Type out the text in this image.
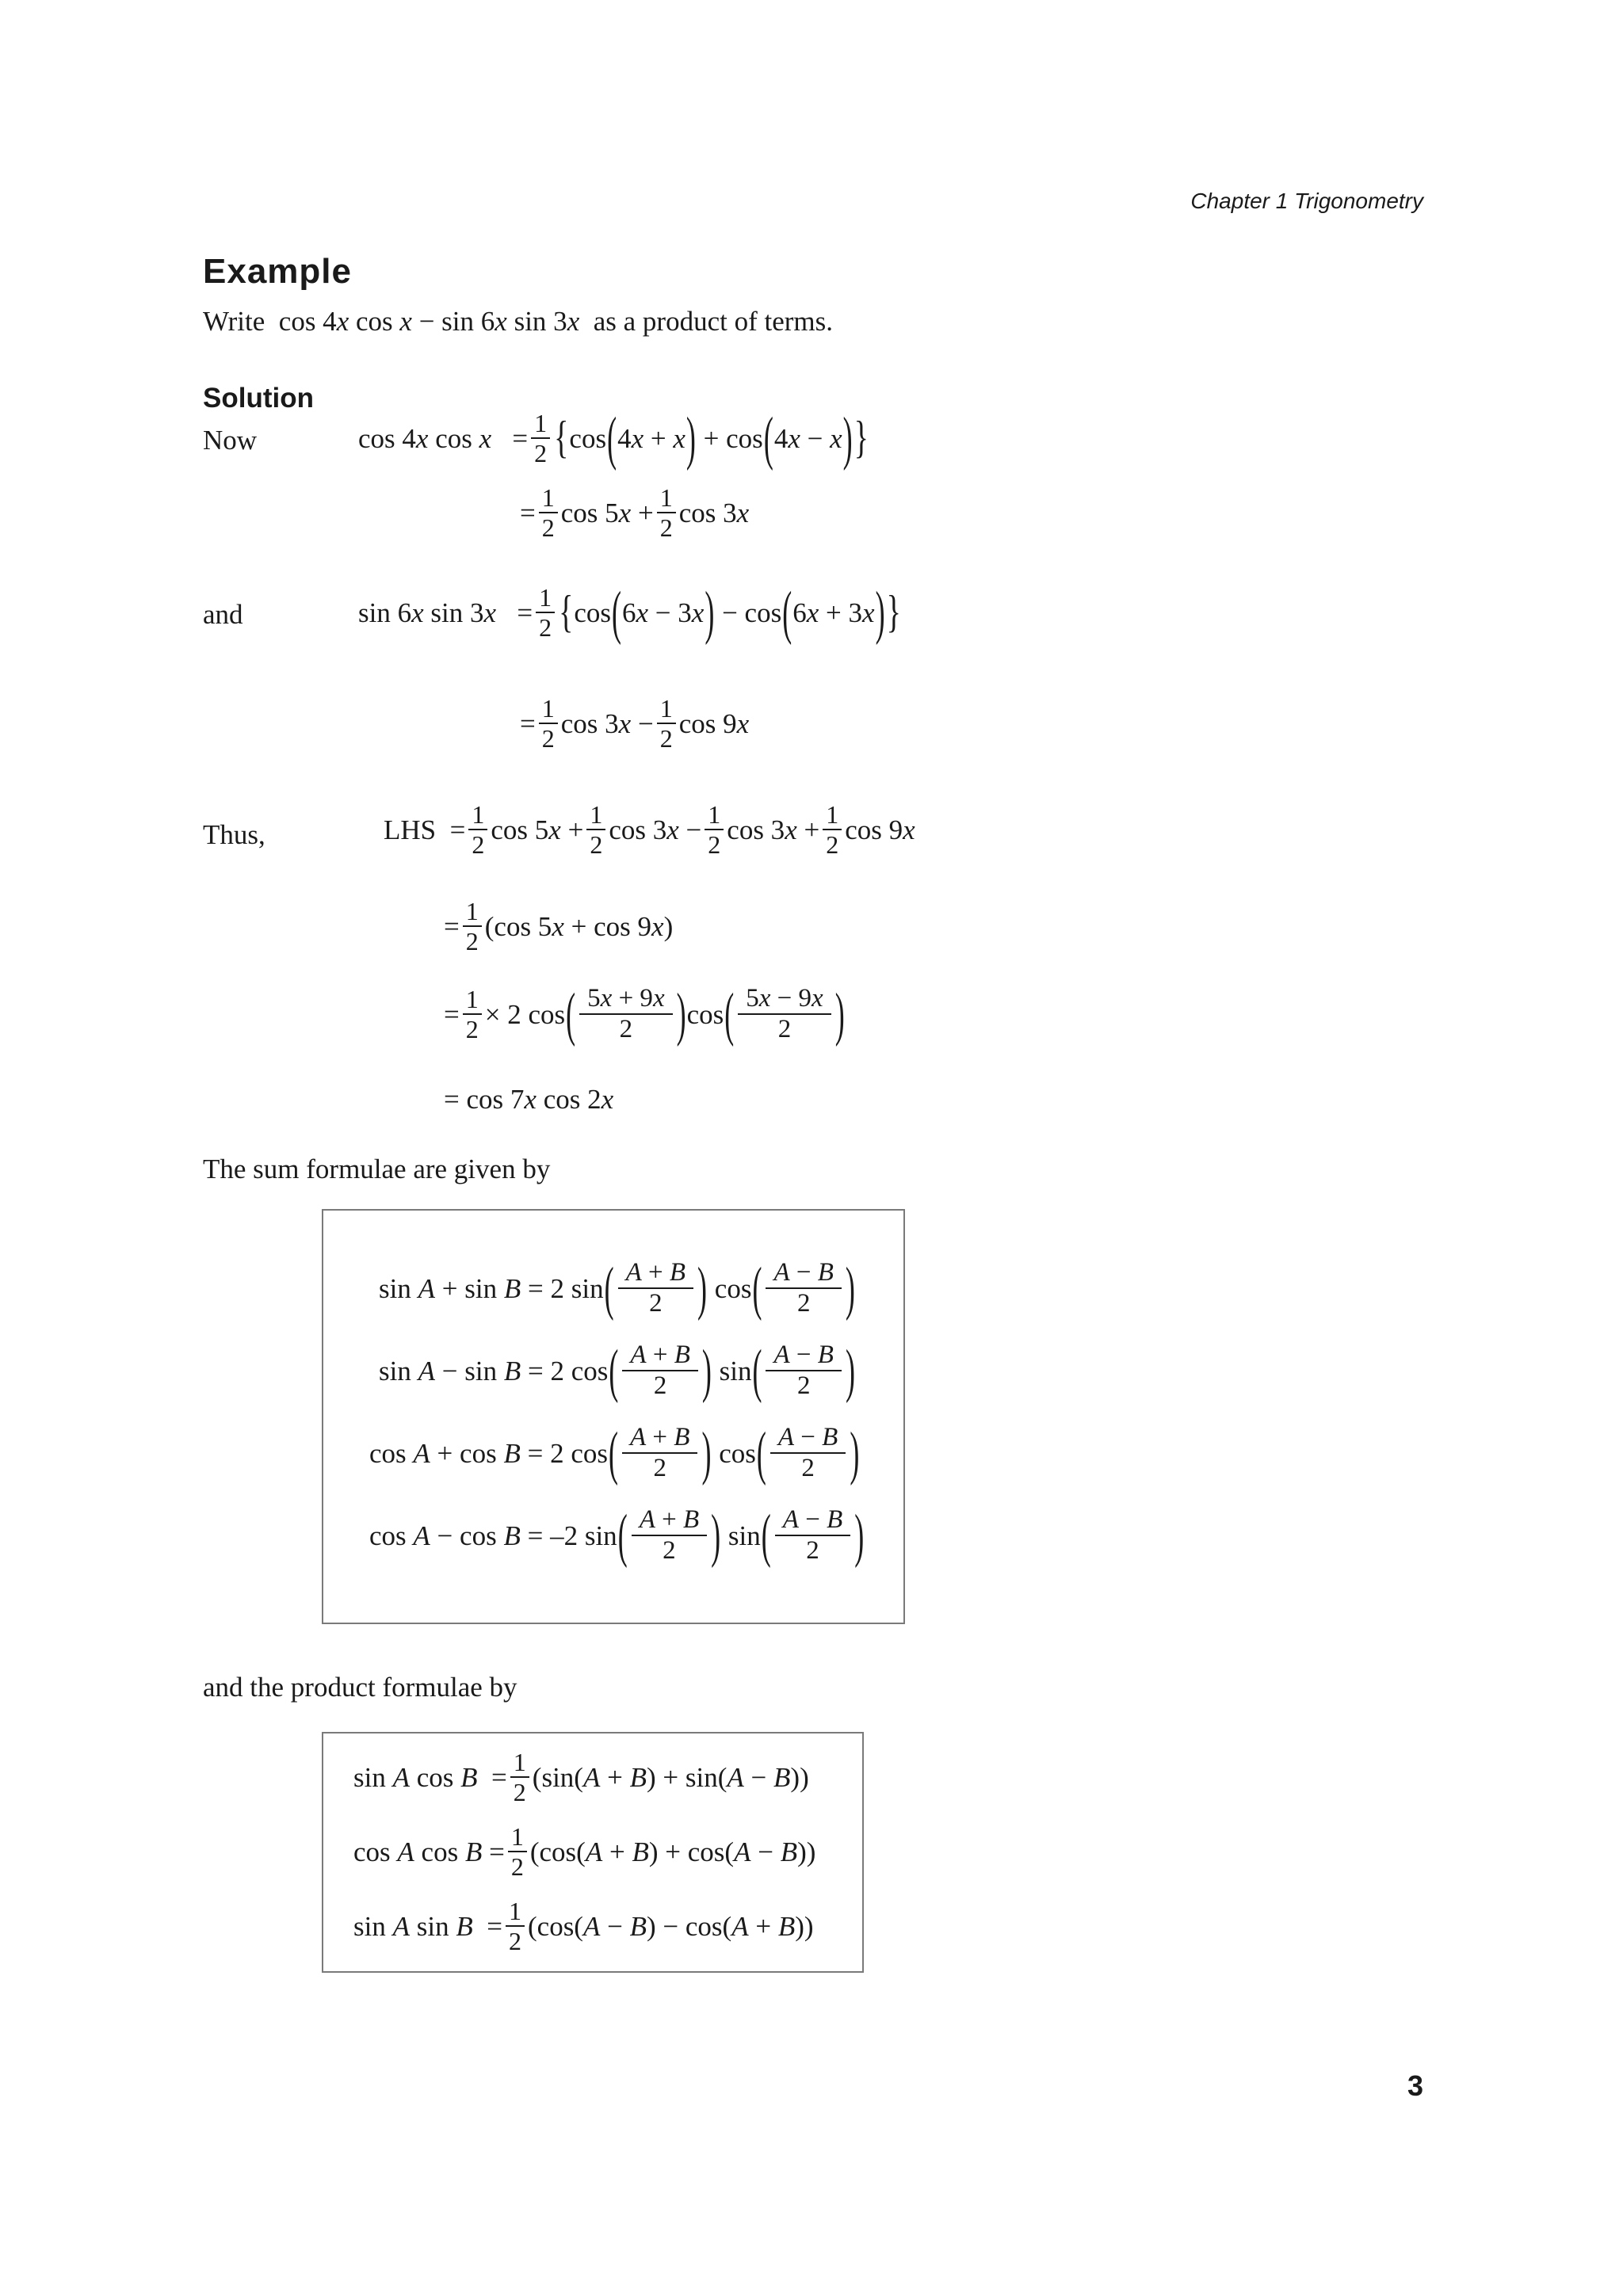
Chapter 1 Trigonometry
Example
Write  cos 4x cos x − sin 6x sin 3x as a product of terms.
Solution
Now	cos 4x $\cos x = \frac{1}{2}$ { cos ( 4x + x ) + cos ( 4x − x ) }
= $\frac{1}{2}$ $\cos 5x + \frac{1}{2}$ cos 3x
and	sin 6x $\sin 3x = \frac{1}{2}$ { cos ( 6x − 3x ) − cos ( 6x + 3x ) }
= $\frac{1}{2}$ $\cos 3x - \frac{1}{2}$ cos 9x
Thus,	LHS = $\frac{1}{2}$ $\cos 5x + \frac{1}{2}$ $\cos 3x - \frac{1}{2}$ $\cos 3x + \frac{1}{2}$ cos 9x
= $\frac{1}{2} (\cos$ 5x + cos 9x)
= $\frac{1}{2} \times 2$ cos ( $\frac{5x + 9x}{2}$ ) cos ( $\frac{5x - 9x}{2}$ )
= cos 7x cos 2x
The sum formulae are given by
sin A + sin B = 2 sin ( $\frac{A + B}{2}$ ) cos ( $\frac{A - B}{2}$ )
sin A − sin B = 2 cos ( $\frac{A + B}{2}$ ) sin ( $\frac{A - B}{2}$ )
cos A + cos B = 2 cos ( $\frac{A + B}{2}$ ) cos ( $\frac{A - B}{2}$ )
cos A − cos B = –2 sin ( $\frac{A + B}{2}$ ) sin ( $\frac{A - B}{2}$ )
and the product formulae by
sin A $\cos B = \frac{1}{2} (\sin(A + B) + \sin(A - B))$
cos A $\cos B = \frac{1}{2} (\cos(A + B) + \cos(A - B))$
sin A $\sin B = \frac{1}{2} (\cos(A - B) - \cos(A + B))$
3
